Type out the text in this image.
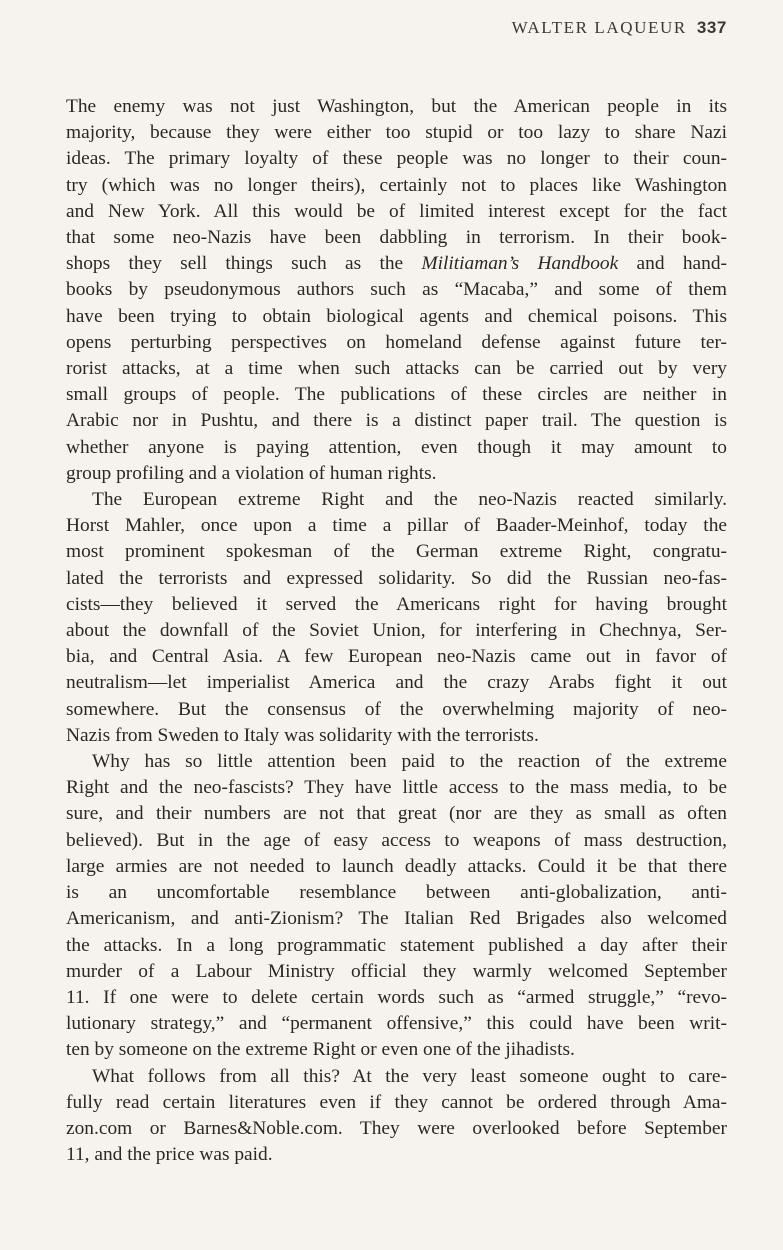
WALTER LAQUEUR 337

The enemy was not just Washington, but the American people in its
majority, because they were either too stupid or too lazy to share Nazi
ideas. The primary loyalty of these people was no longer to their coun-
try (which was no longer theirs), certainly not to places like Washington
and New York. All this would be of limited interest except for the fact
that some neo-Nazis have been dabbling in terrorism. In their book-
shops they sell things such as the Militiaman’s Handbook and hand-
books by pseudonymous authors such as “Macaba,” and some of them
have been trying to obtain biological agents and chemical poisons. This
opens perturbing perspectives on homeland defense against future ter-
rorist attacks, at a time when such attacks can be carried out by very
small groups of people. The publications of these circles are neither in
Arabic nor in Pushtu, and there is a distinct paper trail. The question is
whether anyone is paying attention, even though it may amount to
group profiling and a violation of human rights.

The European extreme Right and the neo-Nazis reacted similarly.
Horst Mahler, once upon a time a pillar of Baader-Meinhof, today the
most prominent spokesman of the German extreme Right, congratu-
lated the terrorists and expressed solidarity. So did the Russian neo-fas-
cists—they believed it served the Americans right for having brought
about the downfall of the Soviet Union, for interfering in Chechnya, Ser-
bia, and Central Asia. A few European neo-Nazis came out in favor of
neutralism—let imperialist America and the crazy Arabs fight it out
somewhere. But the consensus of the overwhelming majority of neo-
Nazis from Sweden to Italy was solidarity with the terrorists.

Why has so little attention been paid to the reaction of the extreme
Right and the neo-fascists? They have little access to the mass media, to be
sure, and their numbers are not that great (nor are they as small as often
believed). But in the age of easy access to weapons of mass destruction,
large armies are not needed to launch deadly attacks. Could it be that there
is an uncomfortable resemblance between anti-globalization, anti-
Americanism, and anti-Zionism? The Italian Red Brigades also welcomed
the attacks. In a long programmatic statement published a day after their
murder of a Labour Ministry official they warmly welcomed September
11. If one were to delete certain words such as “armed struggle,” “revo-
lutionary strategy,” and “permanent offensive,” this could have been writ-
ten by someone on the extreme Right or even one of the jihadists.

What follows from all this? At the very least someone ought to care-
fully read certain literatures even if they cannot be ordered through Ama-
zon.com or Barnes&Noble.com. They were overlooked before September
11, and the price was paid.
